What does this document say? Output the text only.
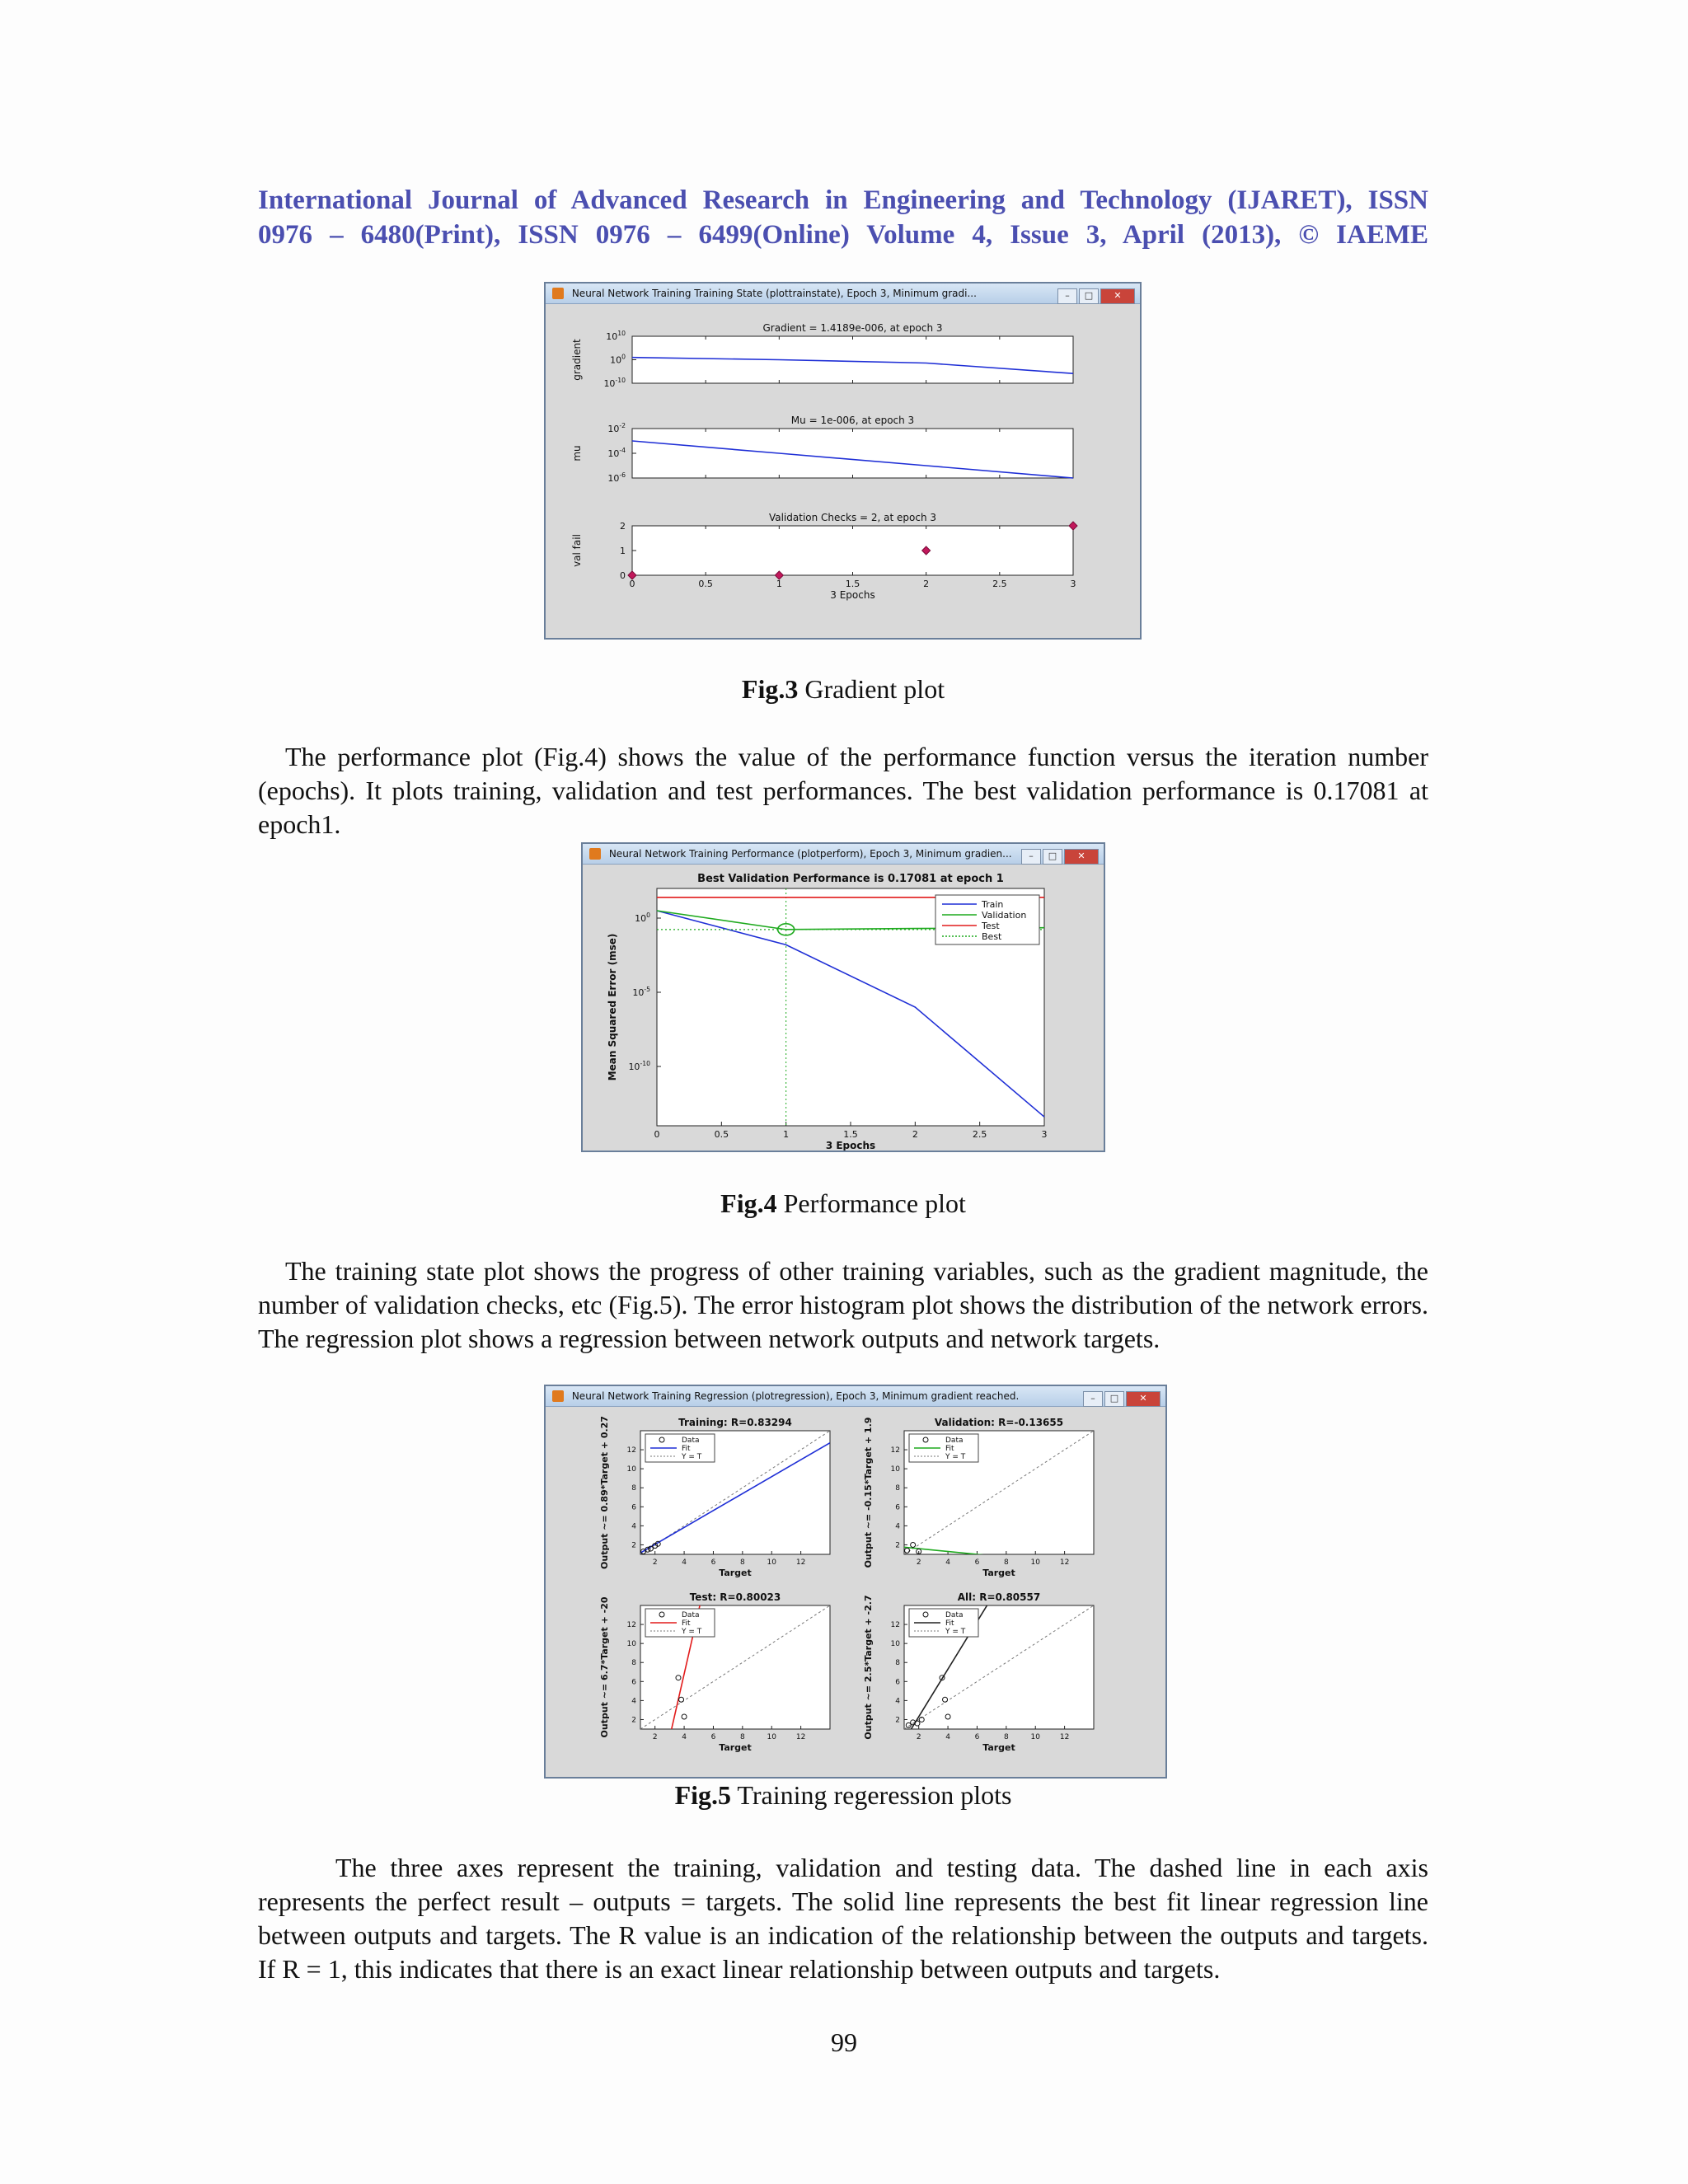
International Journal of Advanced Research in Engineering and Technology (IJARET), ISSN
0976 – 6480(Print), ISSN 0976 – 6499(Online) Volume 4, Issue 3, April (2013), © IAEME
Neural Network Training Training State (plottrainstate), Epoch 3, Minimum gradi...	– □ ✕
Gradient = 1.4189e-006, at epoch 3
gradient
$10^{10}$
$10^0$
$10^{-10}$
Mu = 1e-006, at epoch 3
mu
$10^{-2}$
$10^{-4}$
$10^{-6}$
Validation Checks = 2, at epoch 3
val fail
0
1
2
0	0.5	1	1.5	2	2.5	3
3 Epochs
Fig.3 Gradient plot
The performance plot (Fig.4) shows the value of the performance function versus the iteration number (epochs). It plots training, validation and test performances. The best validation performance is 0.17081 at epoch1.
Neural Network Training Performance (plotperform), Epoch 3, Minimum gradien...	– □ ✕
Best Validation Performance is 0.17081 at epoch 1
3 Epochs
Mean Squared Error (mse)
0	0.5	1	1.5	2	2.5	3
$10^0$
$10^{-5}$
$10^{-10}$
Train
Validation
Test
Best
Fig.4 Performance plot
The training state plot shows the progress of other training variables, such as the gradient magnitude, the number of validation checks, etc (Fig.5). The error histogram plot shows the distribution of the network errors. The regression plot shows a regression between network outputs and network targets.
Neural Network Training Regression (plotregression), Epoch 3, Minimum gradient reached.	– □ ✕
Training: R=0.83294
Target
Output ~= 0.89*Target + 0.27	2
2
4
4
6
6
8
8
10
10
12
12
Data
Fit
Y = T
Validation: R=-0.13655
Target
Output ~= -0.15*Target + 1.9	2
2
4
4
6
6
8
8
10
10
12
12
Data
Fit
Y = T
Test: R=0.80023
Target
Output ~= 6.7*Target + -20	2
2
4
4
6
6
8
8
10
10
12
12
Data
Fit
Y = T
All: R=0.80557
Target
Output ~= 2.5*Target + -2.7	2
2
4
4
6
6
8
8
10
10
12
12
Data
Fit
Y = T
Fig.5 Training regeression plots
The three axes represent the training, validation and testing data. The dashed line in each axis represents the perfect result – outputs = targets. The solid line represents the best fit linear regression line between outputs and targets. The R value is an indication of the relationship between the outputs and targets. If R = 1, this indicates that there is an exact linear relationship between outputs and targets.
99
